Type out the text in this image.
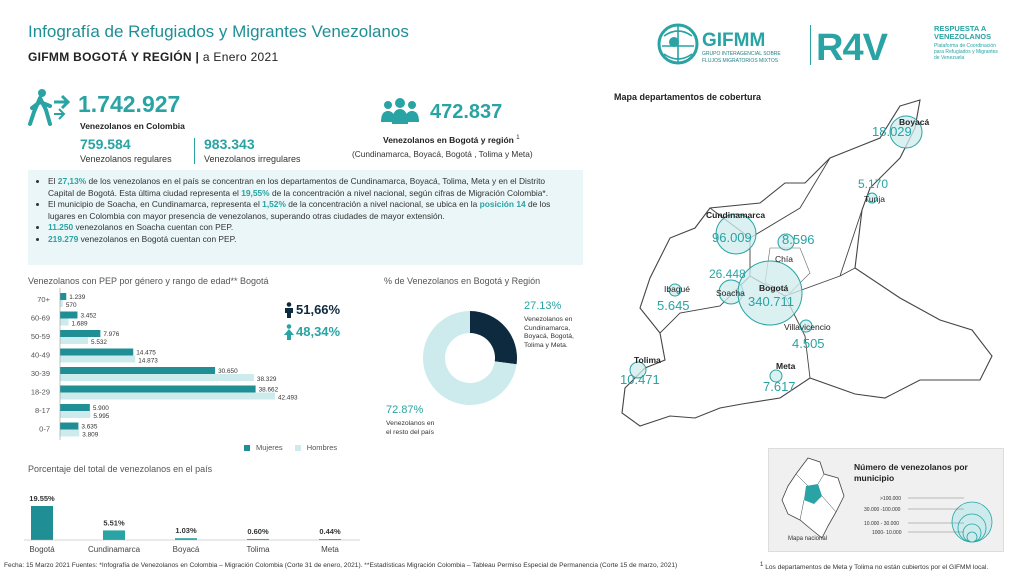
Infografía de Refugiados y Migrantes Venezolanos
GIFMM BOGOTÁ Y REGIÓN | a Enero 2021
GIFMM
GRUPO INTERAGENCIAL SOBRE
FLUJOS MIGRATORIOS MIXTOS R4V	RESPUESTA A
VENEZOLANOS
Plataforma de Coordinación
para Refugiados y Migrantes
de Venezuela
1.742.927
Venezolanos en Colombia
759.584
Venezolanos regulares
983.343
Venezolanos irregulares
472.837
Venezolanos en Bogotá y región $^1$
(Cundinamarca, Boyacá, Bogotá , Tolima y Meta)
• El 27,13% de los venezolanos en el país se concentran en los departamentos de Cundinamarca, Boyacá, Tolima, Meta y en el Distrito Capital de Bogotá. Esta última ciudad representa el 19,55% de la concentración a nivel nacional, según cifras de Migración Colombia*.
• El municipio de Soacha, en Cundinamarca, representa el 1,52% de la concentración a nivel nacional, se ubica en la posición 14 de los lugares en Colombia con mayor presencia de venezolanos, superando otras ciudades de mayor extensión.
• 11.250 venezolanos en Soacha cuentan con PEP.
• 219.279 venezolanos en Bogotá cuentan con PEP.
Venezolanos con PEP por género y rango de edad** Bogotá
70+	1.239
570
60-69	3.452
1.689
50-59	7.976
5.532
40-49	14.475
14.873
30-39	30.650
38.329
18-29	38.662
42.493
8-17	5.900
5.995
0-7	3.635
3.809
51,66%
48,34%
Mujeres	Hombres
% de Venezolanos en Bogotá y Región
27.13%
Venezolanos en
Cundinamarca,
Boyacá, Bogotá,
Tolima y Meta.
72.87%
Venezolanos en
el resto del país
Porcentaje del total de venezolanos en el país
19.55%
Bogotá
5.51%
Cundinamarca
1.03%
Boyacá
0.60%
Tolima
0.44%
Meta
Mapa departamentos de cobertura
Boyacá
18.029
5.170
Tunja
Cundinamarca
96.009 8.596
Chía
26.448
Soacha Bogotá
340.711
Ibagué
5.645
Villavicencio
4.505
Tolima
10.471
Meta
7.617
Mapa nacional
Número de venezolanos por
municipio
>100.000
30.000 -100.000
10.000 - 30.000
1000- 10.000
Fecha: 15 Marzo 2021 Fuentes: *Infografía de Venezolanos en Colombia – Migración Colombia (Corte 31 de enero, 2021). **Estadísticas Migración Colombia – Tableau Permiso Especial de Permanencia (Corte 15 de marzo, 2021)	$^1$ Los departamentos de Meta y Tolima no están cubiertos por el GIFMM local.
